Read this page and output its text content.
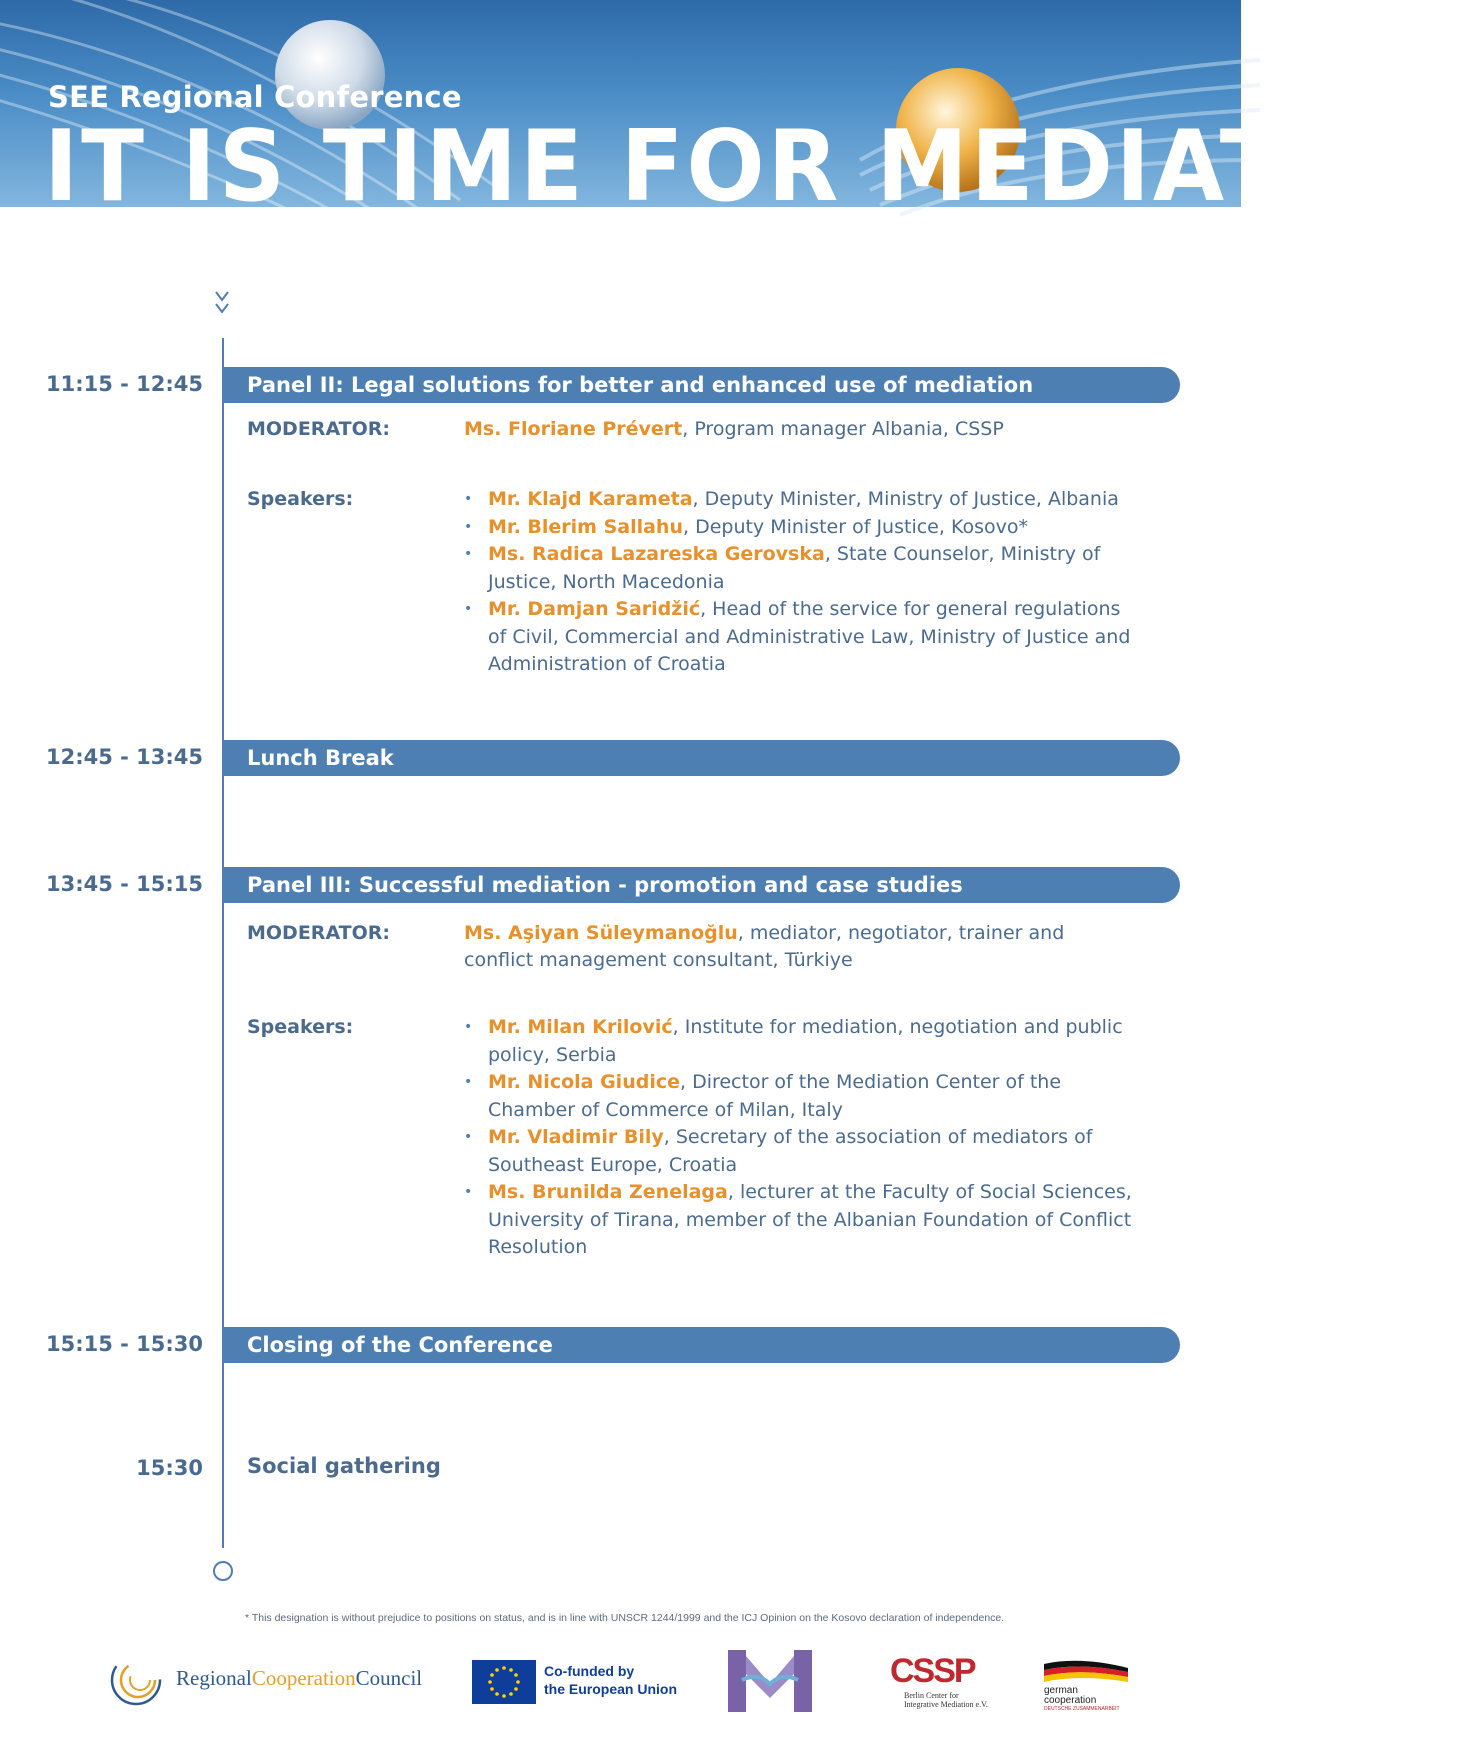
SEE Regional Conference
IT IS TIME FOR MEDIATION
11:15 - 12:45	Panel II: Legal solutions for better and enhanced use of mediation
MODERATOR:	Ms. Floriane Prévert, Program manager Albania, CSSP
Speakers:	• Mr. Klajd Karameta, Deputy Minister, Ministry of Justice, Albania
• Mr. Blerim Sallahu, Deputy Minister of Justice, Kosovo*
• Ms. Radica Lazareska Gerovska, State Counselor, Ministry of Justice, North Macedonia
• Mr. Damjan Saridžić, Head of the service for general regulations of Civil, Commercial and Administrative Law, Ministry of Justice and Administration of Croatia
12:45 - 13:45	Lunch Break
13:45 - 15:15	Panel III: Successful mediation - promotion and case studies
MODERATOR:	Ms. Aşiyan Süleymanoğlu, mediator, negotiator, trainer and conflict management consultant, Türkiye
Speakers:	• Mr. Milan Krilović, Institute for mediation, negotiation and public policy, Serbia
• Mr. Nicola Giudice, Director of the Mediation Center of the Chamber of Commerce of Milan, Italy
• Mr. Vladimir Bily, Secretary of the association of mediators of Southeast Europe, Croatia
• Ms. Brunilda Zenelaga, lecturer at the Faculty of Social Sciences, University of Tirana, member of the Albanian Foundation of Conflict Resolution
15:15 - 15:30	Closing of the Conference
15:30 Social gathering
* This designation is without prejudice to positions on status, and is in line with UNSCR 1244/1999 and the ICJ Opinion on the Kosovo declaration of independence.
RegionalCooperationCouncil	Co-funded by
the European Union	CSSP
Berlin Center for
Integrative Mediation e.V.
german
cooperation
DEUTSCHE ZUSAMMENARBEIT
